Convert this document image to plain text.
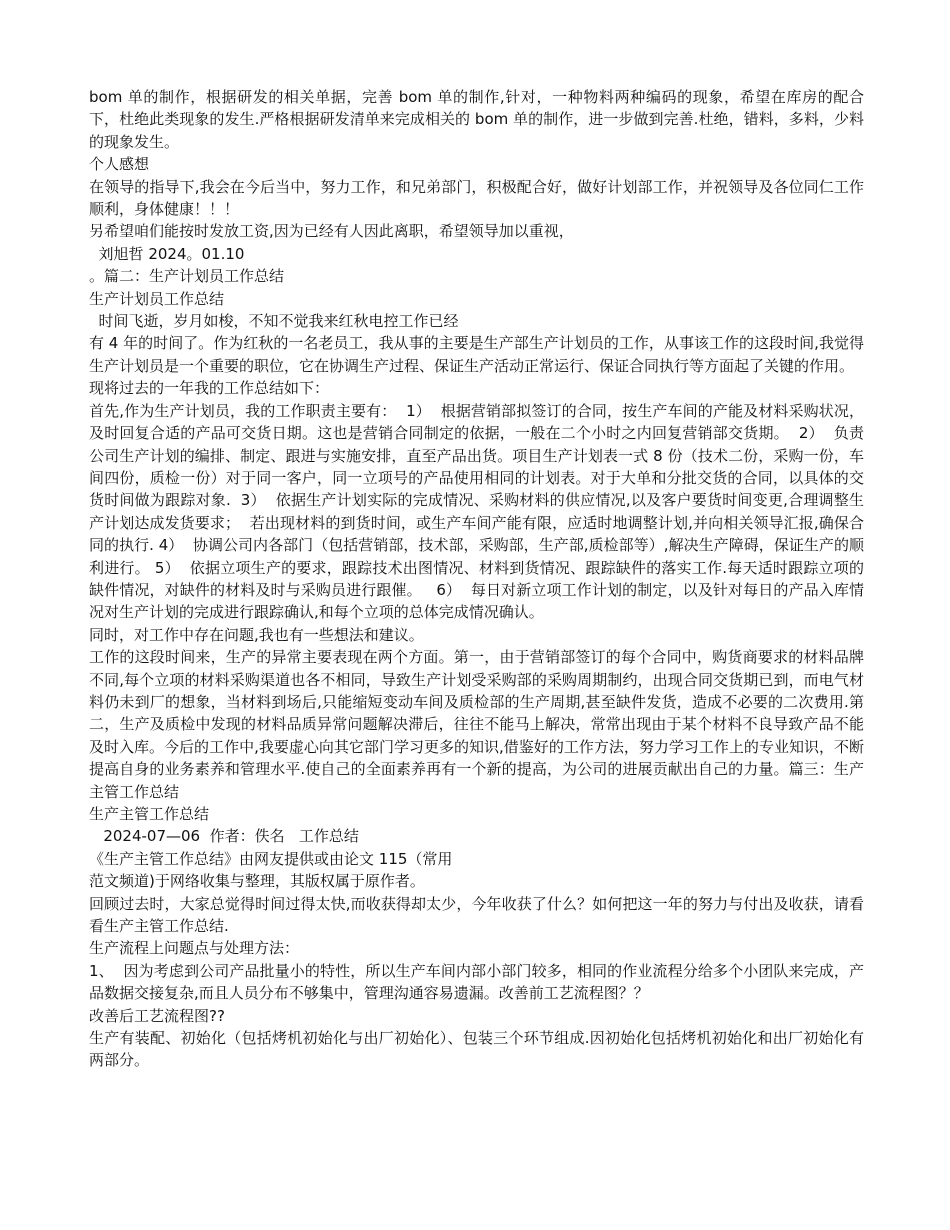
bom 单的制作，根据研发的相关单据，完善 bom 单的制作,针对，一种物料两种编码的现象，希望在库房的配合下，杜绝此类现象的发生.严格根据研发清单来完成相关的 bom 单的制作，进一步做到完善.杜绝，错料，多料，少料的现象发生。

个人感想

在领导的指导下,我会在今后当中，努力工作，和兄弟部门，积极配合好，做好计划部工作，并祝领导及各位同仁工作顺利，身体健康！！！

另希望咱们能按时发放工资,因为已经有人因此离职，希望领导加以重视，

刘旭哲 2024。01.10

。篇二：生产计划员工作总结

生产计划员工作总结

时间飞逝，岁月如梭，不知不觉我来红秋电控工作已经

有 4 年的时间了。作为红秋的一名老员工，我从事的主要是生产部生产计划员的工作，从事该工作的这段时间,我觉得生产计划员是一个重要的职位，它在协调生产过程、保证生产活动正常运行、保证合同执行等方面起了关键的作用。

现将过去的一年我的工作总结如下：

首先,作为生产计划员，我的工作职责主要有：  1）  根据营销部拟签订的合同，按生产车间的产能及材料采购状况，及时回复合适的产品可交货日期。这也是营销合同制定的依据，一般在二个小时之内回复营销部交货期。  2）  负责公司生产计划的编排、制定、跟进与实施安排，直至产品出货。项目生产计划表一式 8 份（技术二份，采购一份，车间四份，质检一份）对于同一客户，同一立项号的产品使用相同的计划表。对于大单和分批交货的合同，以具体的交货时间做为跟踪对象.  3）  依据生产计划实际的完成情况、采购材料的供应情况,以及客户要货时间变更,合理调整生产计划达成发货要求；  若出现材料的到货时间，或生产车间产能有限，应适时地调整计划,并向相关领导汇报,确保合同的执行. 4）  协调公司内各部门（包括营销部，技术部，采购部，生产部,质检部等）,解决生产障碍，保证生产的顺利进行。 5）  依据立项生产的要求，跟踪技术出图情况、材料到货情况、跟踪缺件的落实工作.每天适时跟踪立项的缺件情况，对缺件的材料及时与采购员进行跟催。   6）  每日对新立项工作计划的制定，以及针对每日的产品入库情况对生产计划的完成进行跟踪确认,和每个立项的总体完成情况确认。

同时，对工作中存在问题,我也有一些想法和建议。

工作的这段时间来，生产的异常主要表现在两个方面。第一，由于营销部签订的每个合同中，购货商要求的材料品牌不同,每个立项的材料采购渠道也各不相同，导致生产计划受采购部的采购周期制约，出现合同交货期已到，而电气材料仍未到厂的想象，当材料到场后,只能缩短变动车间及质检部的生产周期,甚至缺件发货，造成不必要的二次费用.第二，生产及质检中发现的材料品质异常问题解决滞后，往往不能马上解决，常常出现由于某个材料不良导致产品不能及时入库。今后的工作中,我要虚心向其它部门学习更多的知识,借鉴好的工作方法，努力学习工作上的专业知识，不断提高自身的业务素养和管理水平.使自己的全面素养再有一个新的提高，为公司的进展贡献出自己的力量。篇三：生产主管工作总结

生产主管工作总结

2024-07—06  作者：佚名   工作总结

《生产主管工作总结》由网友提供或由论文 115（常用

范文频道)于网络收集与整理，其版权属于原作者。

回顾过去时，大家总觉得时间过得太快,而收获得却太少，今年收获了什么？如何把这一年的努力与付出及收获，请看看生产主管工作总结.

生产流程上问题点与处理方法：

1、  因为考虑到公司产品批量小的特性，所以生产车间内部小部门较多，相同的作业流程分给多个小团队来完成，产品数据交接复杂,而且人员分布不够集中，管理沟通容易遗漏。改善前工艺流程图？？

改善后工艺流程图??

生产有装配、初始化（包括烤机初始化与出厂初始化）、包装三个环节组成.因初始化包括烤机初始化和出厂初始化有两部分。
